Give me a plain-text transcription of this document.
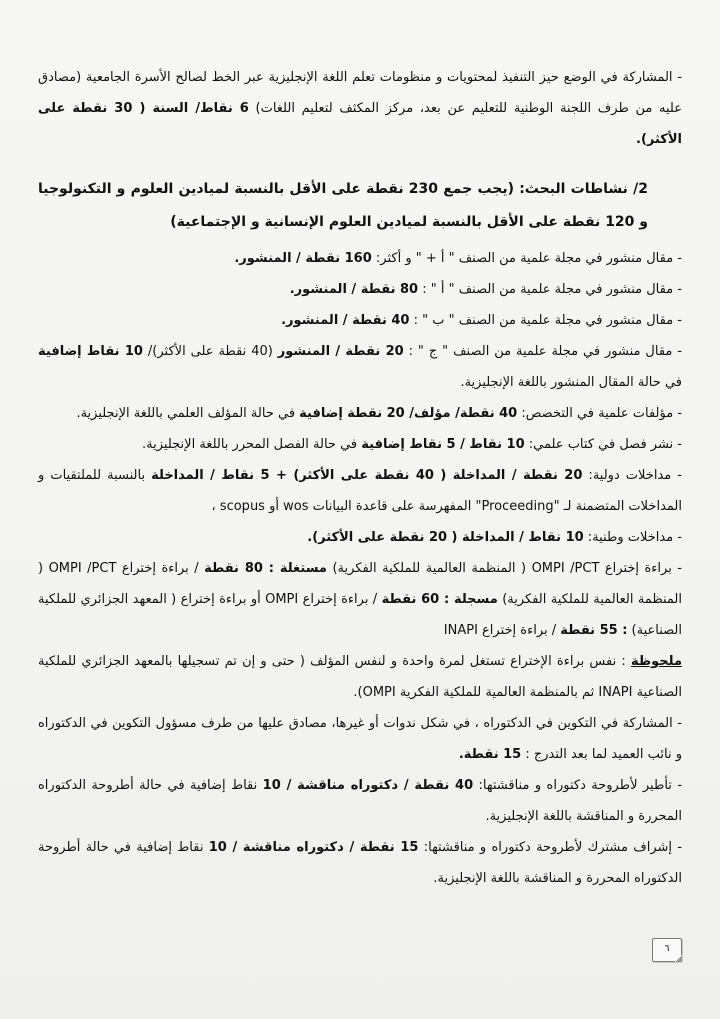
- المشاركة في الوضع حيز التنفيذ لمحتويات و منظومات تعلم اللغة الإنجليزية عبر الخط لصالح الأسرة الجامعية (مصادق عليه من طرف اللجنة الوطنية للتعليم عن بعد، مركز المكثف لتعليم اللغات) 6 نقاط/ السنة ( 30 نقطة على الأكثر).

2/ نشاطات البحث: (يجب جمع 230 نقطة على الأقل بالنسبة لميادين العلوم و التكنولوجيا و 120 نقطة على الأقل بالنسبة لميادين العلوم الإنسانية و الإجتماعية)

- مقال منشور في مجلة علمية من الصنف " أ + " و أكثر: 160 نقطة / المنشور.

- مقال منشور في مجلة علمية من الصنف " أ " : 80 نقطة / المنشور.

- مقال منشور في مجلة علمية من الصنف " ب " : 40 نقطة / المنشور.

- مقال منشور في مجلة علمية من الصنف " ج " : 20 نقطة / المنشور (40 نقطة على الأكثر)/ 10 نقاط إضافية في حالة المقال المنشور باللغة الإنجليزية.

- مؤلفات علمية في التخصص: 40 نقطة/ مؤلف/ 20 نقطة إضافية في حالة المؤلف العلمي باللغة الإنجليزية.

- نشر فصل في كتاب علمي: 10 نقاط / 5 نقاط إضافية في حالة الفصل المحرر باللغة الإنجليزية.

- مداخلات دولية: 20 نقطة / المداخلة ( 40 نقطة على الأكثر) + 5 نقاط / المداخلة بالنسبة للملتقيات و المداخلات المتضمنة لـ "Proceeding" المفهرسة على قاعدة البيانات wos أو scopus ،

- مداخلات وطنية: 10 نقاط / المداخلة ( 20 نقطة على الأكثر).

- براءة إختراع OMPI /PCT ( المنظمة العالمية للملكية الفكرية) مستغلة : 80 نقطة / براءة إختراع OMPI /PCT ( المنظمة العالمية للملكية الفكرية) مسجلة : 60 نقطة / براءة إختراع OMPI أو براءة إختراع ( المعهد الجزائري للملكية الصناعية) : 55 نقطة / براءة إختراع INAPI

ملحوظة : نفس براءة الإختراع تستغل لمرة واحدة و لنفس المؤلف ( حتى و إن تم تسجيلها بالمعهد الجزائري للملكية الصناعية INAPI ثم بالمنظمة العالمية للملكية الفكرية OMPI).

- المشاركة في التكوين في الدكتوراه ، في شكل ندوات أو غيرها، مصادق عليها من طرف مسؤول التكوين في الدكتوراه و نائب العميد لما بعد التدرج : 15 نقطة.

- تأطير لأطروحة دكتوراه و مناقشتها: 40 نقطة / دكتوراه مناقشة / 10 نقاط إضافية في حالة أطروحة الدكتوراه المحررة و المناقشة باللغة الإنجليزية.

- إشراف مشترك لأطروحة دكتوراه و مناقشتها: 15 نقطة / دكتوراه مناقشة / 10 نقاط إضافية في حالة أطروحة الدكتوراه المحررة و المناقشة باللغة الإنجليزية.

٦
